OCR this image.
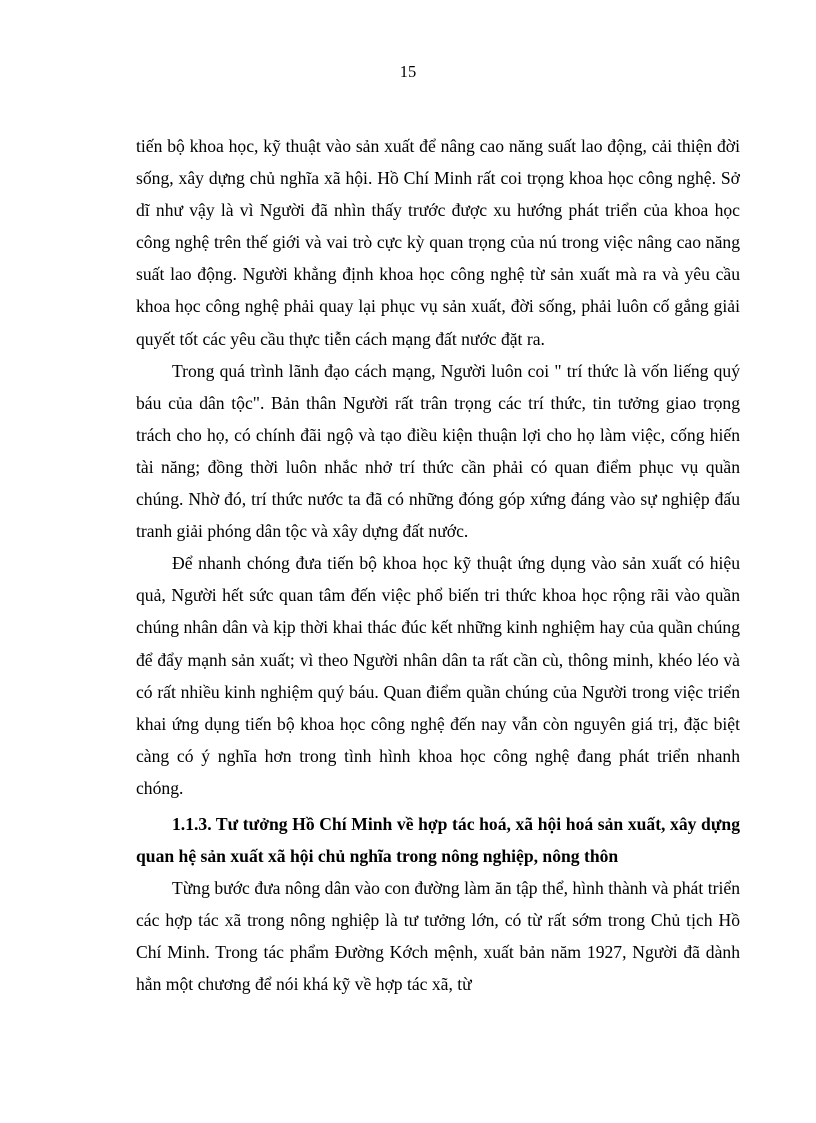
15

tiến bộ khoa học, kỹ thuật vào sản xuất để nâng cao năng suất lao động, cải thiện đời sống, xây dựng chủ nghĩa xã hội. Hồ Chí Minh rất coi trọng khoa học công nghệ. Sở dĩ như vậy là vì Người đã nhìn thấy trước được xu hướng phát triển của khoa học công nghệ trên thế giới và vai trò cực kỳ quan trọng của nú trong việc nâng cao năng suất lao động. Người khẳng định khoa học công nghệ từ sản xuất mà ra và yêu cầu khoa học công nghệ phải quay lại phục vụ sản xuất, đời sống, phải luôn cố gắng giải quyết tốt các yêu cầu thực tiễn cách mạng đất nước đặt ra.

Trong quá trình lãnh đạo cách mạng, Người luôn coi " trí thức là vốn liếng quý báu của dân tộc". Bản thân Người rất trân trọng các trí thức, tin tưởng giao trọng trách cho họ, có chính đãi ngộ và tạo điều kiện thuận lợi cho họ làm việc, cống hiến tài năng; đồng thời luôn nhắc nhở trí thức cần phải có quan điểm phục vụ quần chúng. Nhờ đó, trí thức nước ta đã có những đóng góp xứng đáng vào sự nghiệp đấu tranh giải phóng dân tộc và xây dựng đất nước.

Để nhanh chóng đưa tiến bộ khoa học kỹ thuật ứng dụng vào sản xuất có hiệu quả, Người hết sức quan tâm đến việc phổ biến tri thức khoa học rộng rãi vào quần chúng nhân dân và kịp thời khai thác đúc kết những kinh nghiệm hay của quần chúng để đẩy mạnh sản xuất; vì theo Người nhân dân ta rất cần cù, thông minh, khéo léo và có rất nhiều kinh nghiệm quý báu. Quan điểm quần chúng của Người trong việc triển khai ứng dụng tiến bộ khoa học công nghệ đến nay vẫn còn nguyên giá trị, đặc biệt càng có ý nghĩa hơn trong tình hình khoa học công nghệ đang phát triển nhanh chóng.

1.1.3. Tư tưởng Hồ Chí Minh về hợp tác hoá, xã hội hoá sản xuất, xây dựng quan hệ sản xuất xã hội chủ nghĩa trong nông nghiệp, nông thôn

Từng bước đưa nông dân vào con đường làm ăn tập thể, hình thành và phát triển các hợp tác xã trong nông nghiệp là tư tưởng lớn, có từ rất sớm trong Chủ tịch Hồ Chí Minh. Trong tác phẩm Đường Kớch mệnh, xuất bản năm 1927, Người đã dành hẳn một chương để nói khá kỹ về hợp tác xã, từ
